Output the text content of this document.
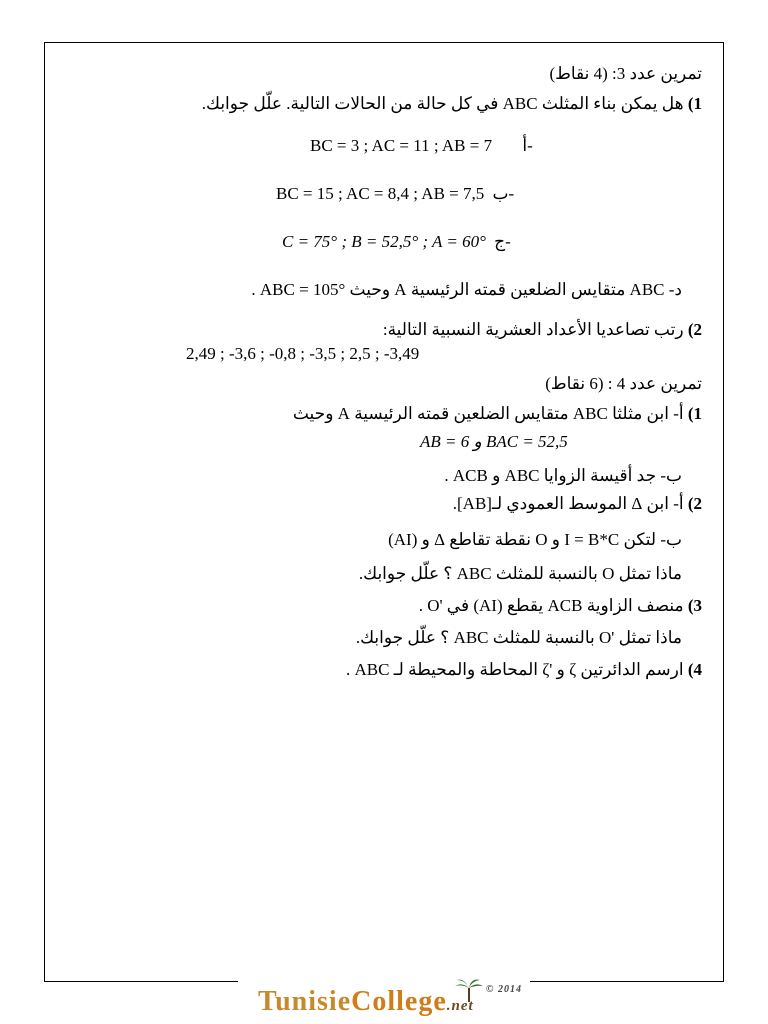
تمرين عدد 3: (4 نقاط)
1) هل يمكن بناء المثلث ABC في كل حالة من الحالات التالية. علّل جوابك.
BC = 3 ; AC = 11 ; AB = 7 أ-
BC = 15 ; AC = 8,4 ; AB = 7,5 ب-
C = 75° ; B = 52,5° ; A = 60° ج-
د- ABC متقايس الضلعين قمته الرئيسية A وحيث ABC = 105° .
2) رتب تصاعديا الأعداد العشرية النسبية التالية:
2,49 ; -3,6 ; -0,8 ; -3,5 ; 2,5 ; -3,49
تمرين عدد 4 : (6 نقاط)
1) أ- ابن مثلثا ABC متقايس الضلعين قمته الرئيسية A وحيث
AB = 6 و BAC = 52,5
ب- جد أقيسة الزوايا ABC و ACB .
2) أ- ابن Δ الموسط العمودي لـ[AB].
ب- لتكن I = B*C و O نقطة تقاطع Δ و (AI)
ماذا تمثل O بالنسبة للمثلث ABC ؟ علّل جوابك.
3) منصف الزاوية ACB يقطع (AI) في 'O .
ماذا تمثل 'O بالنسبة للمثلث ABC ؟ علّل جوابك.
4) ارسم الدائرتين ζ و 'ζ المحاطة والمحيطة لـ ABC .
TunisieCollege.net
© 2014
